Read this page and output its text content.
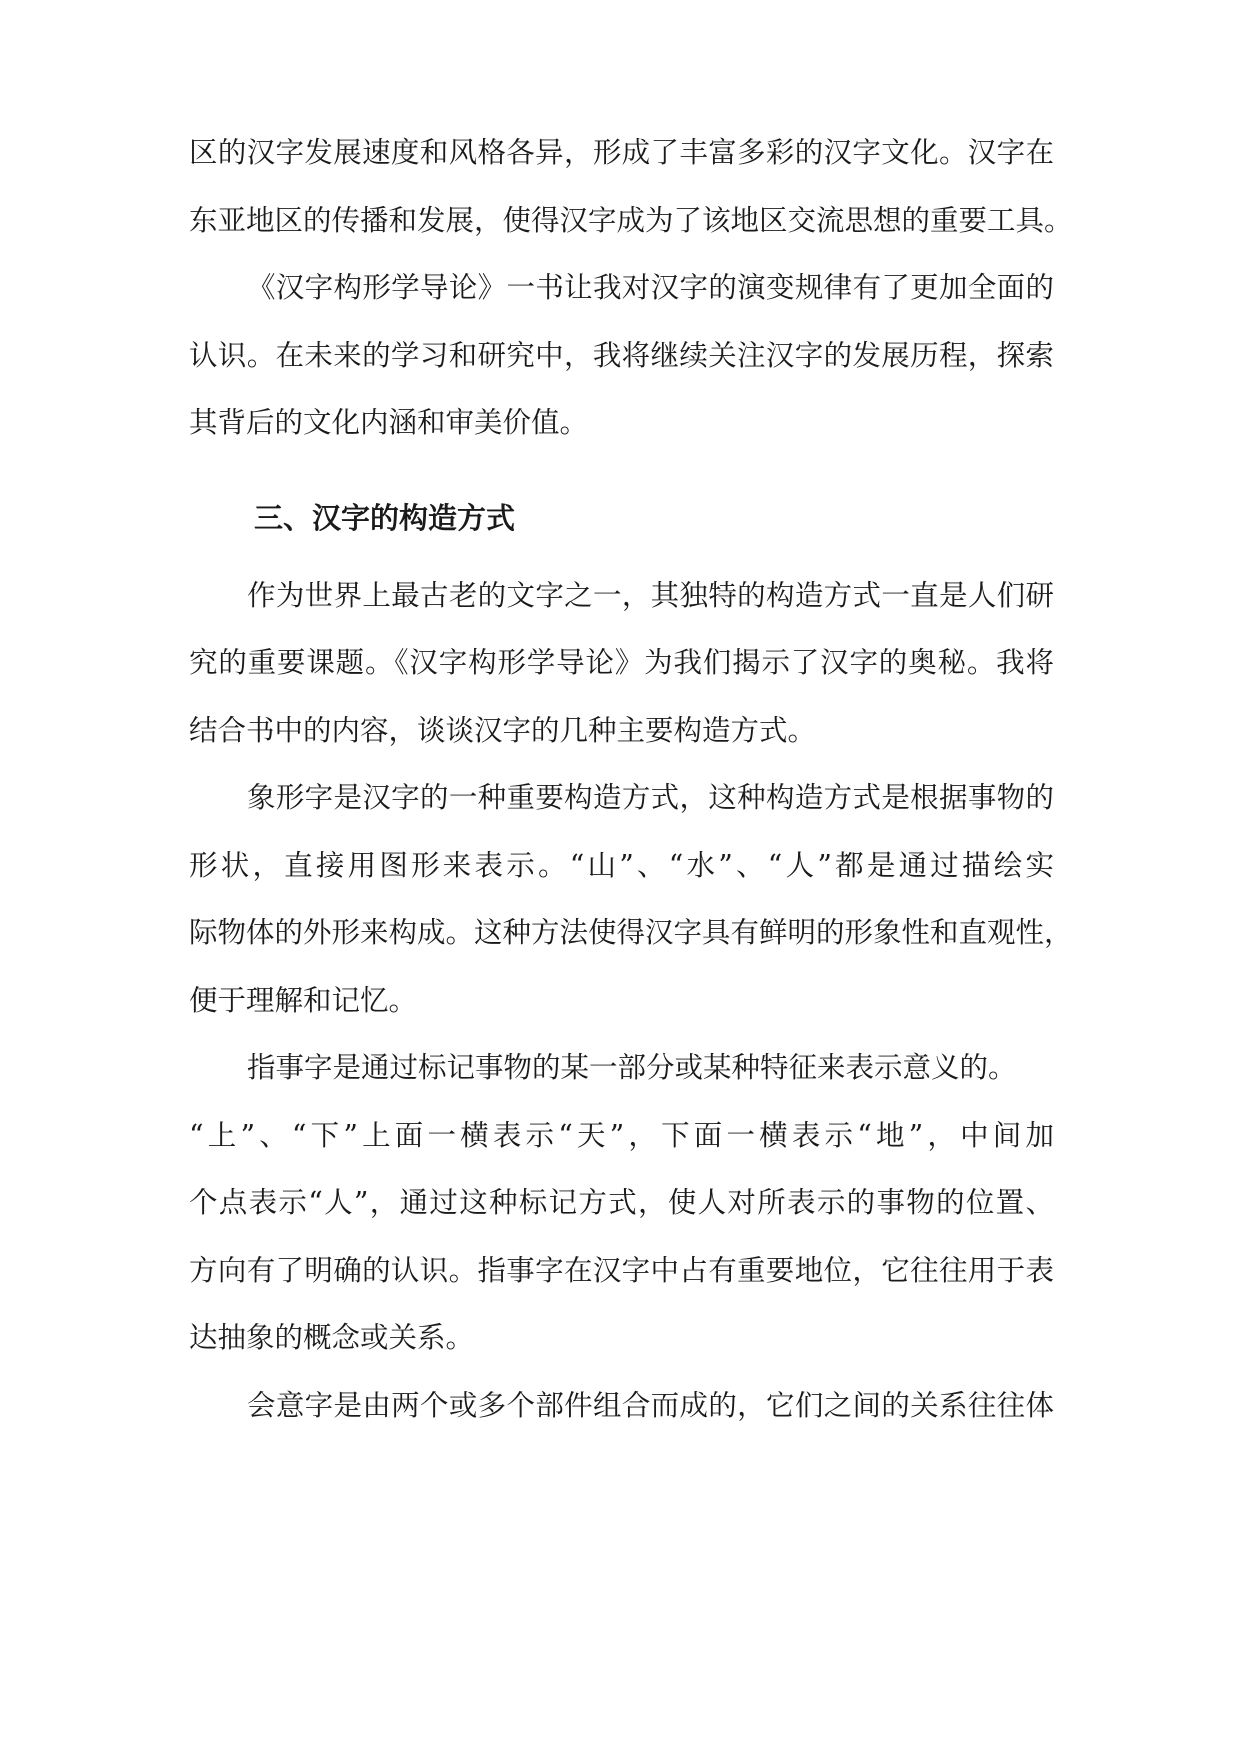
区的汉字发展速度和风格各异，形成了丰富多彩的汉字文化。汉字在
东亚地区的传播和发展，使得汉字成为了该地区交流思想的重要工具。
《汉字构形学导论》一书让我对汉字的演变规律有了更加全面的
认识。在未来的学习和研究中，我将继续关注汉字的发展历程，探索
其背后的文化内涵和审美价值。
三、汉字的构造方式
作为世界上最古老的文字之一，其独特的构造方式一直是人们研
究的重要课题。《汉字构形学导论》为我们揭示了汉字的奥秘。我将
结合书中的内容，谈谈汉字的几种主要构造方式。
象形字是汉字的一种重要构造方式，这种构造方式是根据事物的
形状，直接用图形来表示。“山”、“水”、“人”都是通过描绘实
际物体的外形来构成。这种方法使得汉字具有鲜明的形象性和直观性，
便于理解和记忆。
指事字是通过标记事物的某一部分或某种特征来表示意义的。
“上”、“下”上面一横表示“天”，下面一横表示“地”，中间加
个点表示“人”，通过这种标记方式，使人对所表示的事物的位置、
方向有了明确的认识。指事字在汉字中占有重要地位，它往往用于表
达抽象的概念或关系。
会意字是由两个或多个部件组合而成的，它们之间的关系往往体
